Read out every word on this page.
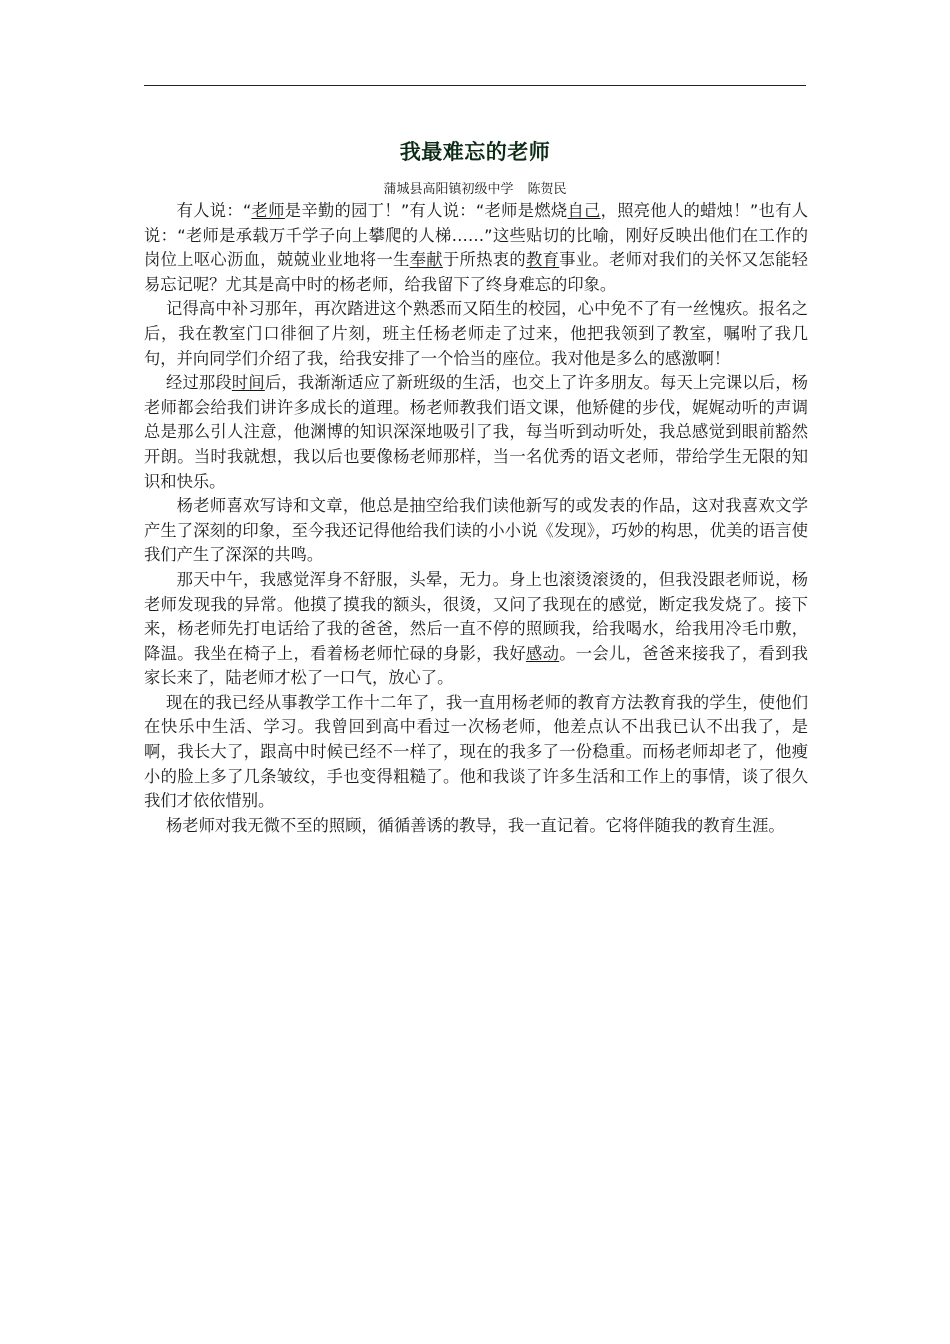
我最难忘的老师
蒲城县高阳镇初级中学 陈贺民

有人说：“老师是辛勤的园丁！”有人说：“老师是燃烧自己，照亮他人的蜡烛！”也有人说：“老师是承载万千学子向上攀爬的人梯……”这些贴切的比喻，刚好反映出他们在工作的岗位上呕心沥血，兢兢业业地将一生奉献于所热衷的教育事业。老师对我们的关怀又怎能轻易忘记呢？尤其是高中时的杨老师，给我留下了终身难忘的印象。

记得高中补习那年，再次踏进这个熟悉而又陌生的校园，心中免不了有一丝愧疚。报名之后，我在教室门口徘徊了片刻，班主任杨老师走了过来，他把我领到了教室，嘱咐了我几句，并向同学们介绍了我，给我安排了一个恰当的座位。我对他是多么的感激啊！

经过那段时间后，我渐渐适应了新班级的生活，也交上了许多朋友。每天上完课以后，杨老师都会给我们讲许多成长的道理。杨老师教我们语文课，他矫健的步伐，娓娓动听的声调总是那么引人注意，他渊博的知识深深地吸引了我，每当听到动听处，我总感觉到眼前豁然开朗。当时我就想，我以后也要像杨老师那样，当一名优秀的语文老师，带给学生无限的知识和快乐。

杨老师喜欢写诗和文章，他总是抽空给我们读他新写的或发表的作品，这对我喜欢文学产生了深刻的印象，至今我还记得他给我们读的小小说《发现》，巧妙的构思，优美的语言使我们产生了深深的共鸣。

那天中午，我感觉浑身不舒服，头晕，无力。身上也滚烫滚烫的，但我没跟老师说，杨老师发现我的异常。他摸了摸我的额头，很烫，又问了我现在的感觉，断定我发烧了。接下来，杨老师先打电话给了我的爸爸，然后一直不停的照顾我，给我喝水，给我用冷毛巾敷，降温。我坐在椅子上，看着杨老师忙碌的身影，我好感动。一会儿，爸爸来接我了，看到我家长来了，陆老师才松了一口气，放心了。

现在的我已经从事教学工作十二年了，我一直用杨老师的教育方法教育我的学生，使他们在快乐中生活、学习。我曾回到高中看过一次杨老师，他差点认不出我已认不出我了，是啊，我长大了，跟高中时候已经不一样了，现在的我多了一份稳重。而杨老师却老了，他瘦小的脸上多了几条皱纹，手也变得粗糙了。他和我谈了许多生活和工作上的事情，谈了很久我们才依依惜别。

杨老师对我无微不至的照顾，循循善诱的教导，我一直记着。它将伴随我的教育生涯。
